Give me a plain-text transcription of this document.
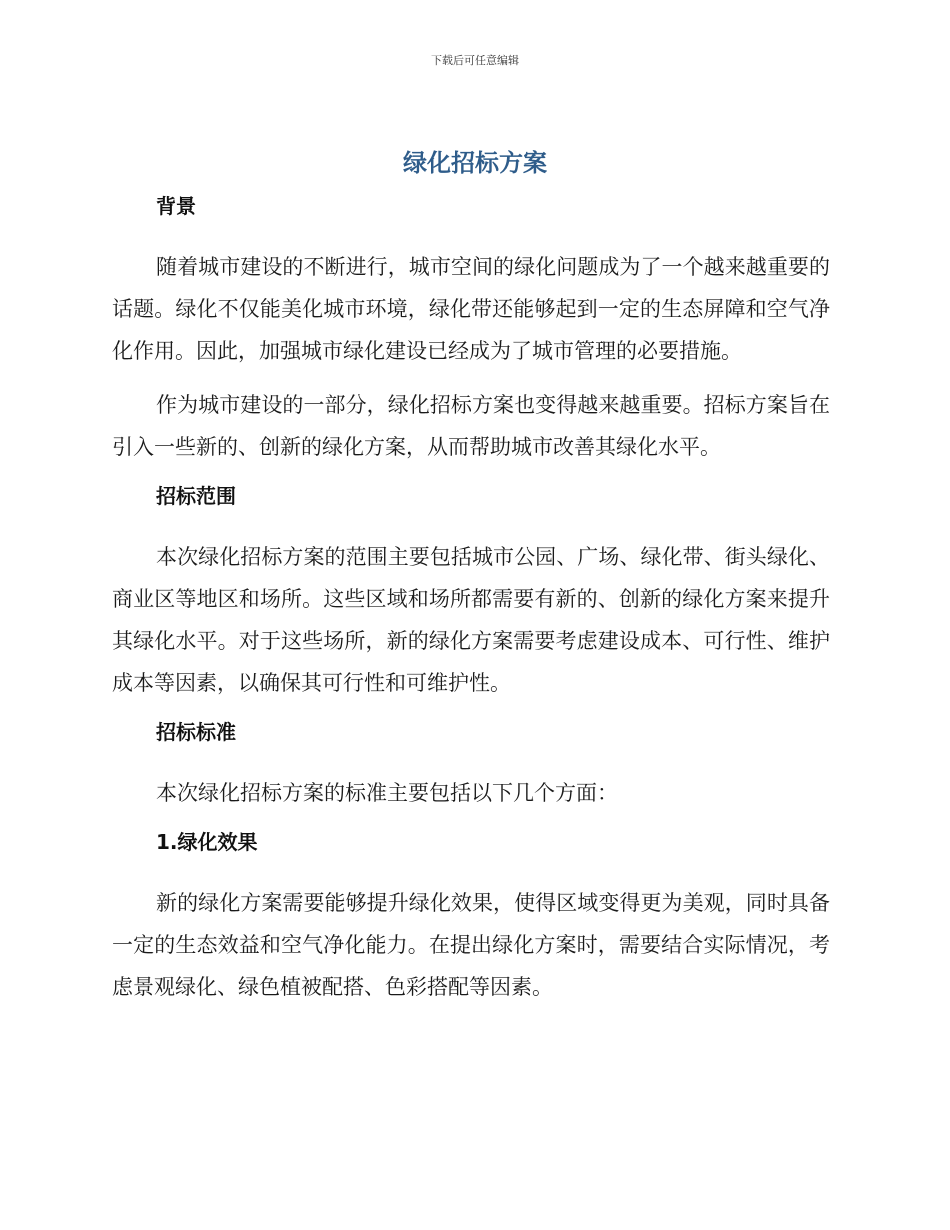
下载后可任意编辑
绿化招标方案
背景

随着城市建设的不断进行，城市空间的绿化问题成为了一个越来越重要的话题。绿化不仅能美化城市环境，绿化带还能够起到一定的生态屏障和空气净化作用。因此，加强城市绿化建设已经成为了城市管理的必要措施。

作为城市建设的一部分，绿化招标方案也变得越来越重要。招标方案旨在引入一些新的、创新的绿化方案，从而帮助城市改善其绿化水平。

招标范围

本次绿化招标方案的范围主要包括城市公园、广场、绿化带、街头绿化、商业区等地区和场所。这些区域和场所都需要有新的、创新的绿化方案来提升其绿化水平。对于这些场所，新的绿化方案需要考虑建设成本、可行性、维护成本等因素，以确保其可行性和可维护性。

招标标准

本次绿化招标方案的标准主要包括以下几个方面：

1.绿化效果

新的绿化方案需要能够提升绿化效果，使得区域变得更为美观，同时具备一定的生态效益和空气净化能力。在提出绿化方案时，需要结合实际情况，考虑景观绿化、绿色植被配搭、色彩搭配等因素。
